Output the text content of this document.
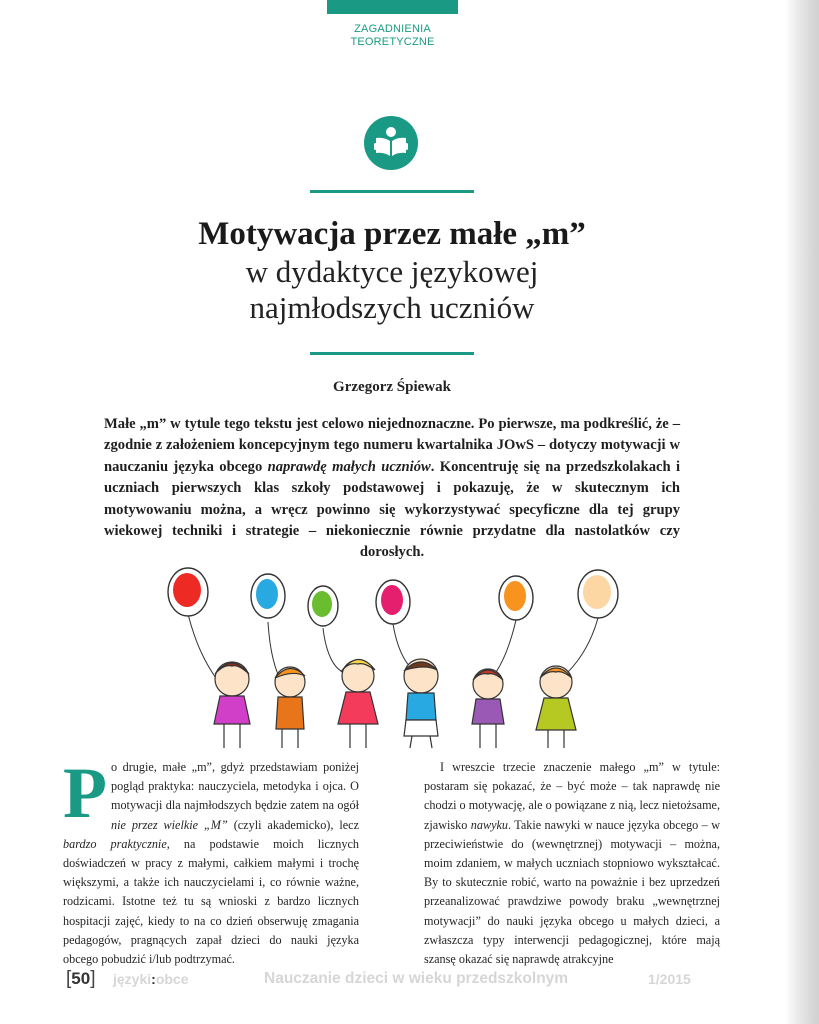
ZAGADNIENIA
TEORETYCZNE
Motywacja przez małe „m”
w dydaktyce językowej
najmłodszych uczniów
Grzegorz Śpiewak
Małe „m” w tytule tego tekstu jest celowo niejednoznaczne. Po pierwsze, ma podkreślić, że – zgodnie z założeniem koncepcyjnym tego numeru kwartalnika JOwS – dotyczy motywacji w nauczaniu języka obcego naprawdę małych uczniów. Koncentruję się na przedszkolakach i uczniach pierwszych klas szkoły podstawowej i pokazuję, że w skutecznym ich motywowaniu można, a wręcz powinno się wykorzystywać specyficzne dla tej grupy wiekowej techniki i strategie – niekoniecznie równie przydatne dla nastolatków czy dorosłych.

Po drugie, małe „m”, gdyż przedstawiam poniżej pogląd praktyka: nauczyciela, metodyka i ojca. O motywacji dla najmłodszych będzie zatem na ogół nie przez wielkie „M” (czyli akademicko), lecz bardzo praktycznie, na podstawie moich licznych doświadczeń w pracy z małymi, całkiem małymi i trochę większymi, a także ich nauczycielami i, co równie ważne, rodzicami. Istotne też tu są wnioski z bardzo licznych hospitacji zajęć, kiedy to na co dzień obserwuję zmagania pedagogów, pragnących zapał dzieci do nauki języka obcego pobudzić i/lub podtrzymać.

I wreszcie trzecie znaczenie małego „m” w tytule: postaram się pokazać, że – być może – tak naprawdę nie chodzi o motywację, ale o powiązane z nią, lecz nietożsame, zjawisko nawyku. Takie nawyki w nauce języka obcego – w przeciwieństwie do (wewnętrznej) motywacji – można, moim zdaniem, w małych uczniach stopniowo wykształcać. By to skutecznie robić, warto na poważnie i bez uprzedzeń przeanalizować prawdziwe powody braku „wewnętrznej motywacji” do nauki języka obcego u małych dzieci, a zwłaszcza typy interwencji pedagogicznej, które mają szansę okazać się naprawdę atrakcyjne

[50] języki:obce	Nauczanie dzieci w wieku przedszkolnym	1/2015
